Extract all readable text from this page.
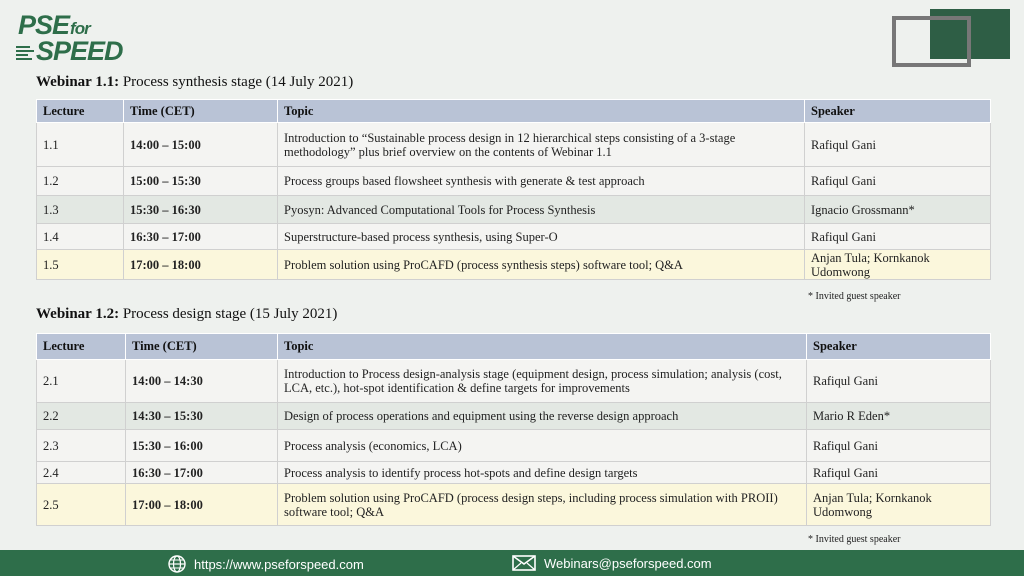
PSEfor
SPEED
Webinar 1.1: Process synthesis stage (14 July 2021)
Lecture	Time (CET)	Topic	Speaker
1.1	14:00 – 15:00	Introduction to “Sustainable process design in 12 hierarchical steps consisting of a 3-stage methodology” plus brief overview on the contents of Webinar 1.1	Rafiqul Gani
1.2	15:00 – 15:30	Process groups based flowsheet synthesis with generate & test approach	Rafiqul Gani
1.3	15:30 – 16:30	Pyosyn: Advanced Computational Tools for Process Synthesis	Ignacio Grossmann*
1.4	16:30 – 17:00	Superstructure-based process synthesis, using Super-O	Rafiqul Gani
1.5	17:00 – 18:00	Problem solution using ProCAFD (process synthesis steps) software tool; Q&A	Anjan Tula; Kornkanok Udomwong
* Invited guest speaker
Webinar 1.2: Process design stage (15 July 2021)
Lecture	Time (CET)	Topic	Speaker
2.1	14:00 – 14:30	Introduction to Process design-analysis stage (equipment design, process simulation; analysis (cost, LCA, etc.), hot-spot identification & define targets for improvements	Rafiqul Gani
2.2	14:30 – 15:30	Design of process operations and equipment using the reverse design approach	Mario R Eden*
2.3	15:30 – 16:00	Process analysis (economics, LCA)	Rafiqul Gani
2.4	16:30 – 17:00	Process analysis to identify process hot-spots and define design targets	Rafiqul Gani
2.5	17:00 – 18:00	Problem solution using ProCAFD (process design steps, including process simulation with PROII) software tool; Q&A	Anjan Tula; Kornkanok Udomwong
* Invited guest speaker
https://www.pseforspeed.com	Webinars@pseforspeed.com
